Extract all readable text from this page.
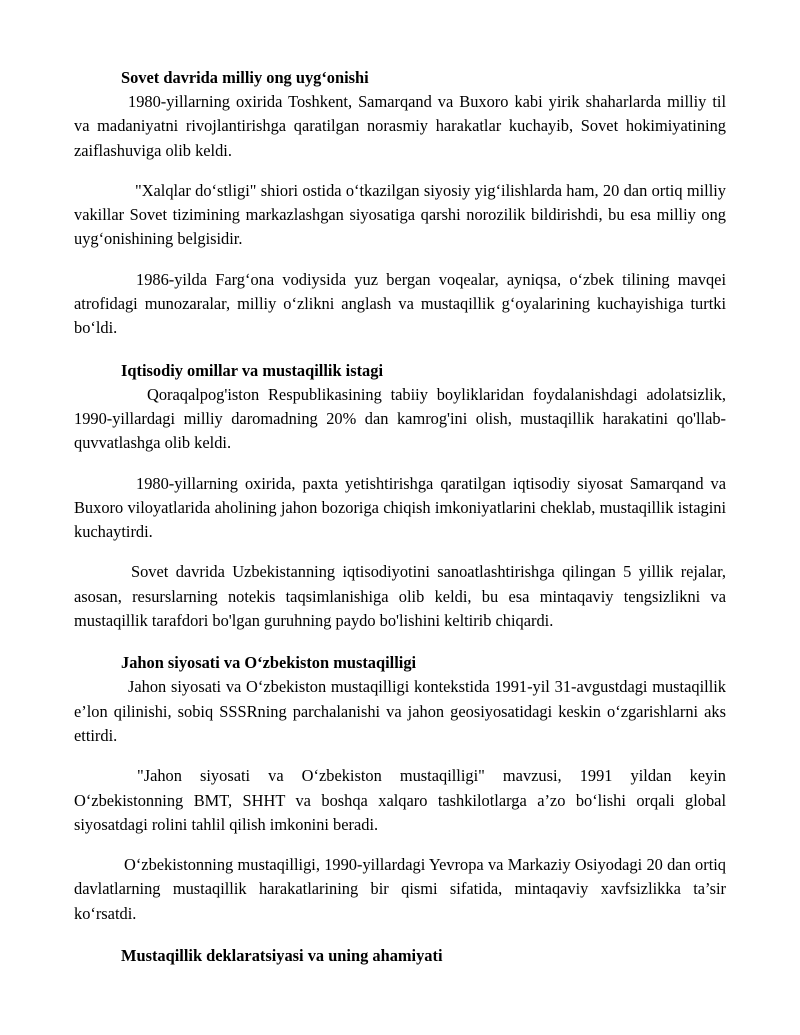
Sovet davrida milliy ong uyg‘onishi

1980-yillarning oxirida Toshkent, Samarqand va Buxoro kabi yirik shaharlarda milliy til va madaniyatni rivojlantirishga qaratilgan norasmiy harakatlar kuchayib, Sovet hokimiyatining zaiflashuviga olib keldi.

"Xalqlar do‘stligi" shiori ostida o‘tkazilgan siyosiy yig‘ilishlarda ham, 20 dan ortiq milliy vakillar Sovet tizimining markazlashgan siyosatiga qarshi norozilik bildirishdi, bu esa milliy ong uyg‘onishining belgisidir.

1986-yilda Farg‘ona vodiysida yuz bergan voqealar, ayniqsa, o‘zbek tilining mavqei atrofidagi munozaralar, milliy o‘zlikni anglash va mustaqillik g‘oyalarining kuchayishiga turtki bo‘ldi.

Iqtisodiy omillar va mustaqillik istagi

Qoraqalpog'iston Respublikasining tabiiy boyliklaridan foydalanishdagi adolatsizlik, 1990-yillardagi milliy daromadning 20% dan kamrog'ini olish, mustaqillik harakatini qo'llab-quvvatlashga olib keldi.

1980-yillarning oxirida, paxta yetishtirishga qaratilgan iqtisodiy siyosat Samarqand va Buxoro viloyatlarida aholining jahon bozoriga chiqish imkoniyatlarini cheklab, mustaqillik istagini kuchaytirdi.

Sovet davrida Uzbekistanning iqtisodiyotini sanoatlashtirishga qilingan 5 yillik rejalar, asosan, resurslarning notekis taqsimlanishiga olib keldi, bu esa mintaqaviy tengsizlikni va mustaqillik tarafdori bo'lgan guruhning paydo bo'lishini keltirib chiqardi.

Jahon siyosati va O‘zbekiston mustaqilligi

Jahon siyosati va O‘zbekiston mustaqilligi kontekstida 1991-yil 31-avgustdagi mustaqillik e’lon qilinishi, sobiq SSSRning parchalanishi va jahon geosiyosatidagi keskin o‘zgarishlarni aks ettirdi.

"Jahon siyosati va O‘zbekiston mustaqilligi" mavzusi, 1991 yildan keyin O‘zbekistonning BMT, SHHT va boshqa xalqaro tashkilotlarga a’zo bo‘lishi orqali global siyosatdagi rolini tahlil qilish imkonini beradi.

O‘zbekistonning mustaqilligi, 1990-yillardagi Yevropa va Markaziy Osiyodagi 20 dan ortiq davlatlarning mustaqillik harakatlarining bir qismi sifatida, mintaqaviy xavfsizlikka ta’sir ko‘rsatdi.

Mustaqillik deklaratsiyasi va uning ahamiyati
